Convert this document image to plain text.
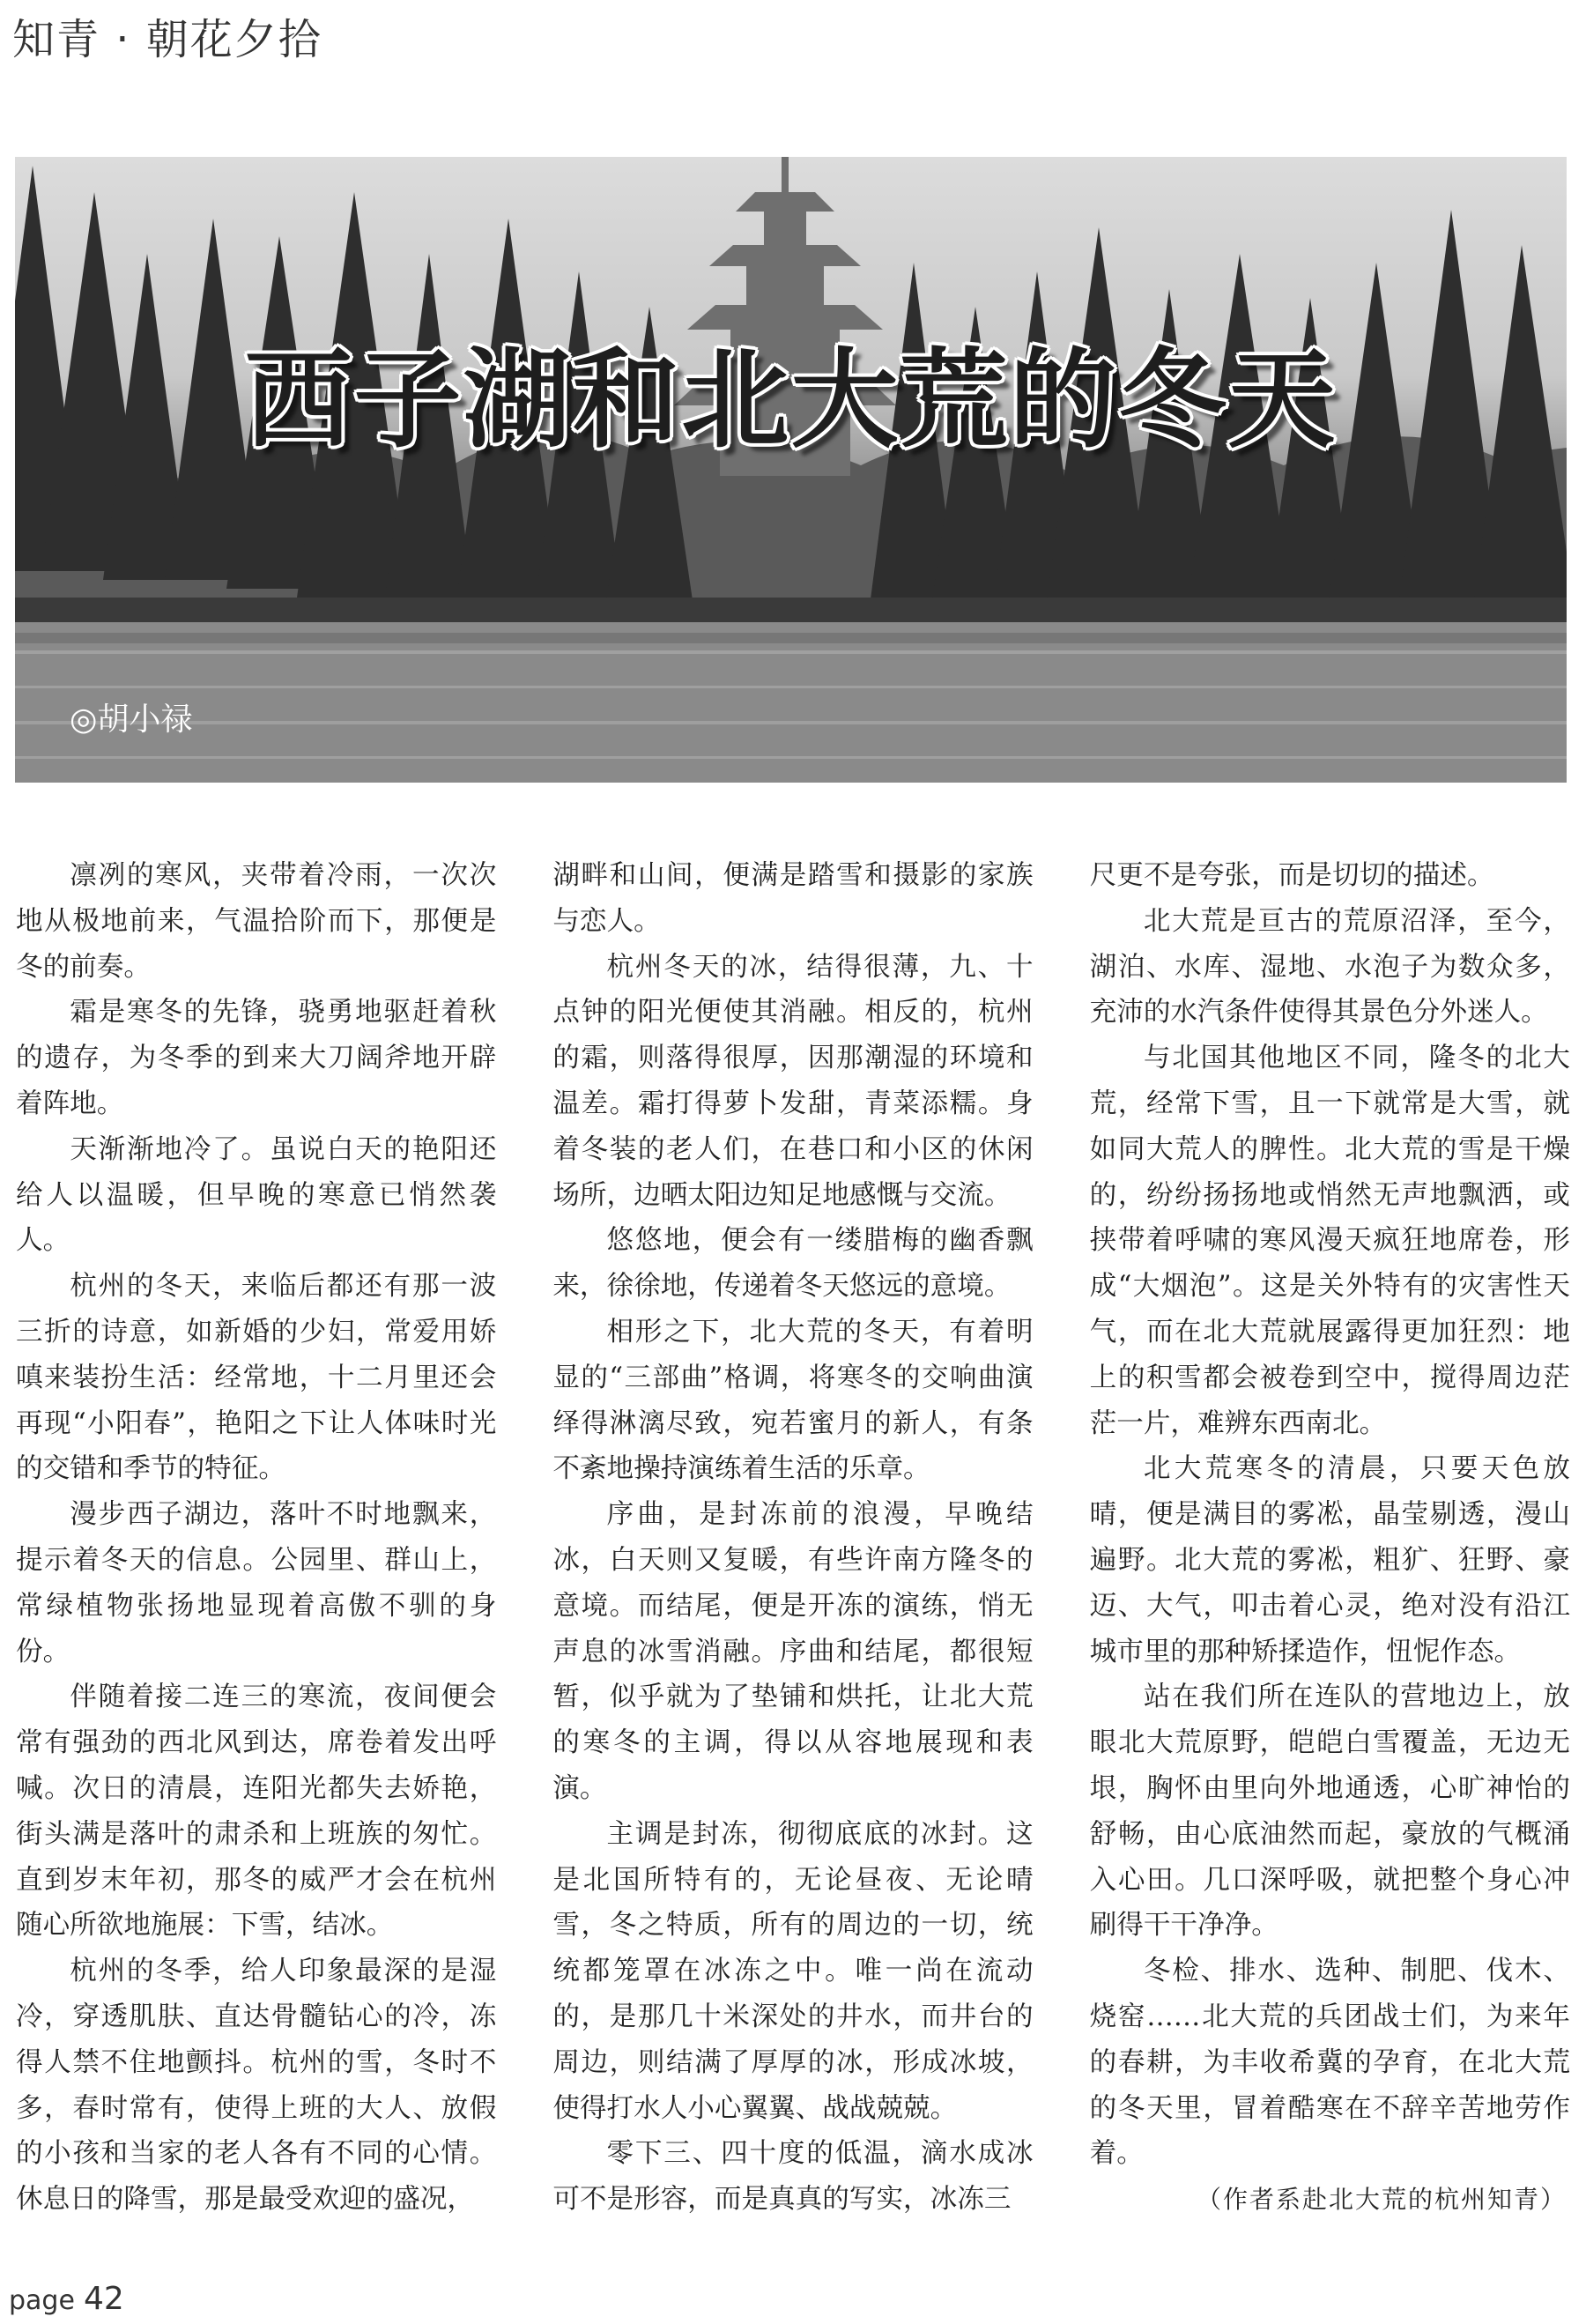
知青 · 朝花夕拾
西子湖和北大荒的冬天
◎胡小禄

凛冽的寒风，夹带着冷雨，一次次地从极地前来，气温拾阶而下，那便是冬的前奏。

霜是寒冬的先锋，骁勇地驱赶着秋的遗存，为冬季的到来大刀阔斧地开辟着阵地。

天渐渐地冷了。虽说白天的艳阳还给人以温暖，但早晚的寒意已悄然袭人。

杭州的冬天，来临后都还有那一波三折的诗意，如新婚的少妇，常爱用娇嗔来装扮生活：经常地，十二月里还会再现“小阳春”，艳阳之下让人体味时光的交错和季节的特征。

漫步西子湖边，落叶不时地飘来，提示着冬天的信息。公园里、群山上，常绿植物张扬地显现着高傲不驯的身份。

伴随着接二连三的寒流，夜间便会常有强劲的西北风到达，席卷着发出呼喊。次日的清晨，连阳光都失去娇艳，街头满是落叶的肃杀和上班族的匆忙。直到岁末年初，那冬的威严才会在杭州随心所欲地施展：下雪，结冰。

杭州的冬季，给人印象最深的是湿冷，穿透肌肤、直达骨髓钻心的冷，冻得人禁不住地颤抖。杭州的雪，冬时不多，春时常有，使得上班的大人、放假的小孩和当家的老人各有不同的心情。休息日的降雪，那是最受欢迎的盛况，

湖畔和山间，便满是踏雪和摄影的家族与恋人。

杭州冬天的冰，结得很薄，九、十点钟的阳光便使其消融。相反的，杭州的霜，则落得很厚，因那潮湿的环境和温差。霜打得萝卜发甜，青菜添糯。身着冬装的老人们，在巷口和小区的休闲场所，边晒太阳边知足地感慨与交流。

悠悠地，便会有一缕腊梅的幽香飘来，徐徐地，传递着冬天悠远的意境。

相形之下，北大荒的冬天，有着明显的“三部曲”格调，将寒冬的交响曲演绎得淋漓尽致，宛若蜜月的新人，有条不紊地操持演练着生活的乐章。

序曲，是封冻前的浪漫，早晚结冰，白天则又复暖，有些许南方隆冬的意境。而结尾，便是开冻的演练，悄无声息的冰雪消融。序曲和结尾，都很短暂，似乎就为了垫铺和烘托，让北大荒的寒冬的主调，得以从容地展现和表演。

主调是封冻，彻彻底底的冰封。这是北国所特有的，无论昼夜、无论晴雪，冬之特质，所有的周边的一切，统统都笼罩在冰冻之中。唯一尚在流动的，是那几十米深处的井水，而井台的周边，则结满了厚厚的冰，形成冰坡，使得打水人小心翼翼、战战兢兢。

零下三、四十度的低温，滴水成冰可不是形容，而是真真的写实，冰冻三

尺更不是夸张，而是切切的描述。

北大荒是亘古的荒原沼泽，至今，湖泊、水库、湿地、水泡子为数众多，充沛的水汽条件使得其景色分外迷人。

与北国其他地区不同，隆冬的北大荒，经常下雪，且一下就常是大雪，就如同大荒人的脾性。北大荒的雪是干燥的，纷纷扬扬地或悄然无声地飘洒，或挟带着呼啸的寒风漫天疯狂地席卷，形成“大烟泡”。这是关外特有的灾害性天气，而在北大荒就展露得更加狂烈：地上的积雪都会被卷到空中，搅得周边茫茫一片，难辨东西南北。

北大荒寒冬的清晨，只要天色放晴，便是满目的雾凇，晶莹剔透，漫山遍野。北大荒的雾凇，粗犷、狂野、豪迈、大气，叩击着心灵，绝对没有沿江城市里的那种矫揉造作，忸怩作态。

站在我们所在连队的营地边上，放眼北大荒原野，皑皑白雪覆盖，无边无垠，胸怀由里向外地通透，心旷神怡的舒畅，由心底油然而起，豪放的气概涌入心田。几口深呼吸，就把整个身心冲刷得干干净净。

冬检、排水、选种、制肥、伐木、烧窑……北大荒的兵团战士们，为来年的春耕，为丰收希冀的孕育，在北大荒的冬天里，冒着酷寒在不辞辛苦地劳作着。

（作者系赴北大荒的杭州知青）

page 42
